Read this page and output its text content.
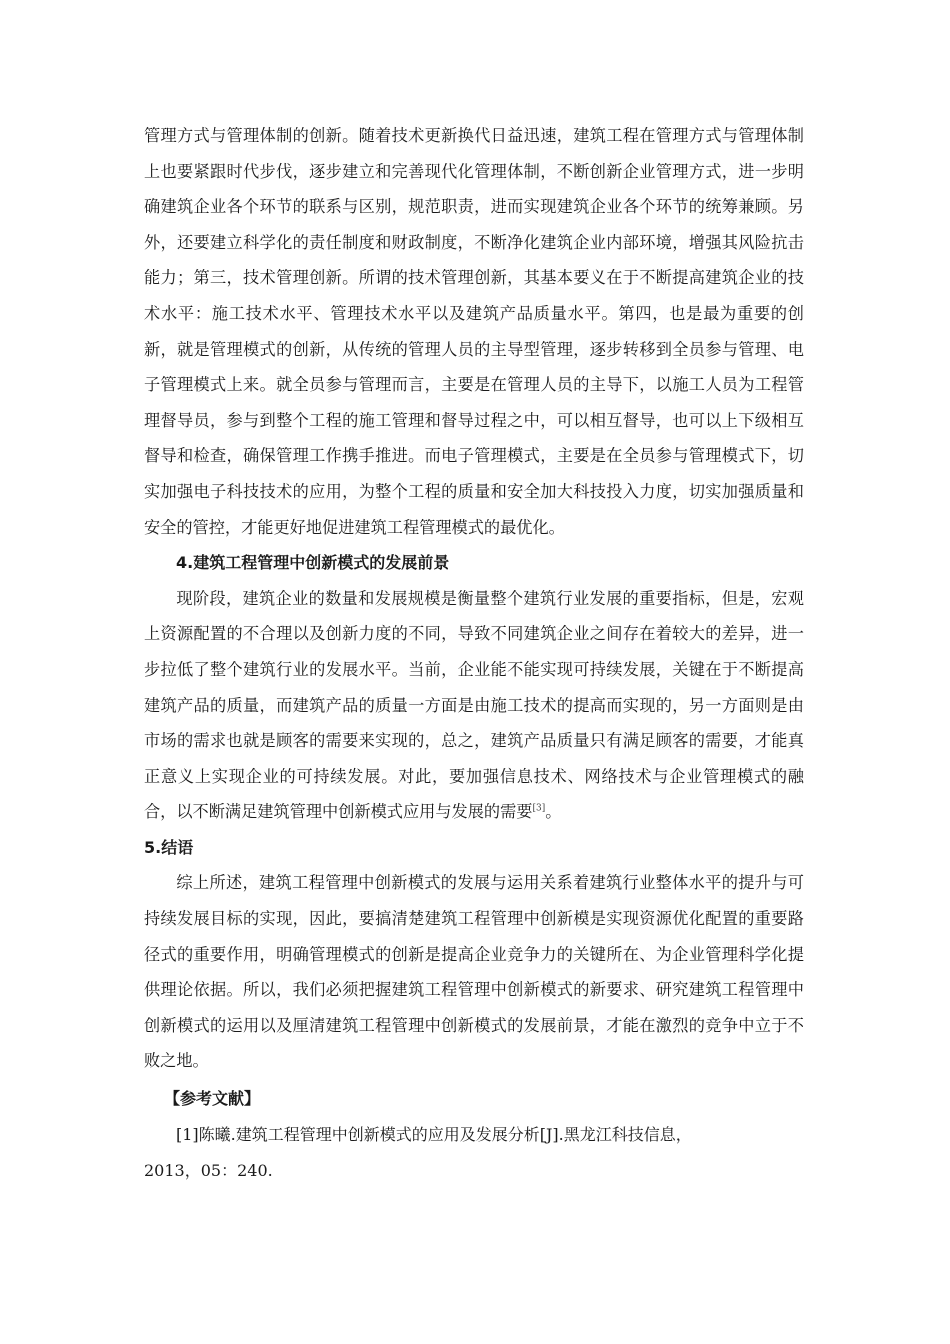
管理方式与管理体制的创新。随着技术更新换代日益迅速，建筑工程在管理方式与管理体制上也要紧跟时代步伐，逐步建立和完善现代化管理体制，不断创新企业管理方式，进一步明确建筑企业各个环节的联系与区别，规范职责，进而实现建筑企业各个环节的统筹兼顾。另外，还要建立科学化的责任制度和财政制度，不断净化建筑企业内部环境，增强其风险抗击能力；第三，技术管理创新。所谓的技术管理创新，其基本要义在于不断提高建筑企业的技术水平：施工技术水平、管理技术水平以及建筑产品质量水平。第四，也是最为重要的创新，就是管理模式的创新，从传统的管理人员的主导型管理，逐步转移到全员参与管理、电子管理模式上来。就全员参与管理而言，主要是在管理人员的主导下，以施工人员为工程管理督导员，参与到整个工程的施工管理和督导过程之中，可以相互督导，也可以上下级相互督导和检查，确保管理工作携手推进。而电子管理模式，主要是在全员参与管理模式下，切实加强电子科技技术的应用，为整个工程的质量和安全加大科技投入力度，切实加强质量和安全的管控，才能更好地促进建筑工程管理模式的最优化。

4.建筑工程管理中创新模式的发展前景

现阶段，建筑企业的数量和发展规模是衡量整个建筑行业发展的重要指标，但是，宏观上资源配置的不合理以及创新力度的不同，导致不同建筑企业之间存在着较大的差异，进一步拉低了整个建筑行业的发展水平。当前，企业能不能实现可持续发展，关键在于不断提高建筑产品的质量，而建筑产品的质量一方面是由施工技术的提高而实现的，另一方面则是由市场的需求也就是顾客的需要来实现的，总之，建筑产品质量只有满足顾客的需要，才能真正意义上实现企业的可持续发展。对此，要加强信息技术、网络技术与企业管理模式的融合，以不断满足建筑管理中创新模式应用与发展的需要[3]。

5.结语

综上所述，建筑工程管理中创新模式的发展与运用关系着建筑行业整体水平的提升与可持续发展目标的实现，因此，要搞清楚建筑工程管理中创新模是实现资源优化配置的重要路径式的重要作用，明确管理模式的创新是提高企业竞争力的关键所在、为企业管理科学化提供理论依据。所以，我们必须把握建筑工程管理中创新模式的新要求、研究建筑工程管理中创新模式的运用以及厘清建筑工程管理中创新模式的发展前景，才能在激烈的竞争中立于不败之地。

【参考文献】

[1]陈曦.建筑工程管理中创新模式的应用及发展分析[J].黑龙江科技信息，
2013，05：240.
